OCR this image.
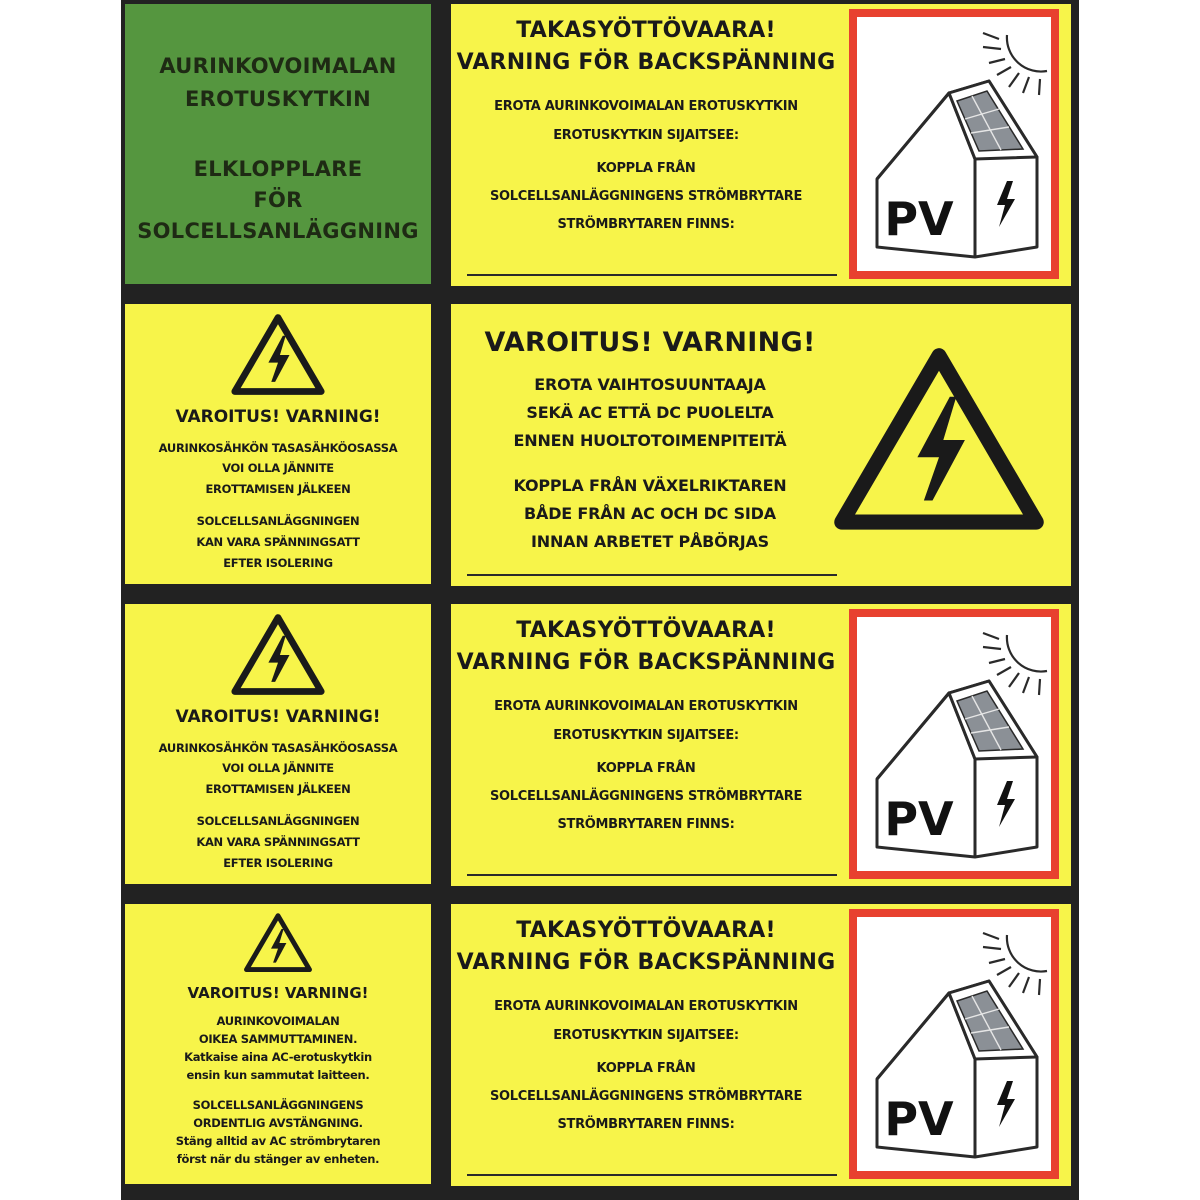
AURINKOVOIMALAN
EROTUSKYTKIN
ELKLOPPLARE
FÖR
SOLCELLSANLÄGGNING
TAKASYÖTTÖVAARA!
VARNING FÖR BACKSPÄNNING
EROTA AURINKOVOIMALAN EROTUSKYTKIN
EROTUSKYTKIN SIJAITSEE:
KOPPLA FRÅN
SOLCELLSANLÄGGNINGENS STRÖMBRYTARE
STRÖMBRYTAREN FINNS:
VAROITUS! VARNING!
AURINKOSÄHKÖN TASASÄHKÖOSASSA
VOI OLLA JÄNNITE
EROTTAMISEN JÄLKEEN
SOLCELLSANLÄGGNINGEN
KAN VARA SPÄNNINGSATT
EFTER ISOLERING
VAROITUS! VARNING!
EROTA VAIHTOSUUNTAAJA
SEKÄ AC ETTÄ DC PUOLELTA
ENNEN HUOLTOTOIMENPITEITÄ
KOPPLA FRÅN VÄXELRIKTAREN
BÅDE FRÅN AC OCH DC SIDA
INNAN ARBETET PÅBÖRJAS
VAROITUS! VARNING!
AURINKOSÄHKÖN TASASÄHKÖOSASSA
VOI OLLA JÄNNITE
EROTTAMISEN JÄLKEEN
SOLCELLSANLÄGGNINGEN
KAN VARA SPÄNNINGSATT
EFTER ISOLERING
TAKASYÖTTÖVAARA!
VARNING FÖR BACKSPÄNNING
EROTA AURINKOVOIMALAN EROTUSKYTKIN
EROTUSKYTKIN SIJAITSEE:
KOPPLA FRÅN
SOLCELLSANLÄGGNINGENS STRÖMBRYTARE
STRÖMBRYTAREN FINNS:
VAROITUS! VARNING!
AURINKOVOIMALAN
OIKEA SAMMUTTAMINEN.
Katkaise aina AC-erotuskytkin
ensin kun sammutat laitteen.
SOLCELLSANLÄGGNINGENS
ORDENTLIG AVSTÄNGNING.
Stäng alltid av AC strömbrytaren
först när du stänger av enheten.
TAKASYÖTTÖVAARA!
VARNING FÖR BACKSPÄNNING
EROTA AURINKOVOIMALAN EROTUSKYTKIN
EROTUSKYTKIN SIJAITSEE:
KOPPLA FRÅN
SOLCELLSANLÄGGNINGENS STRÖMBRYTARE
STRÖMBRYTAREN FINNS:
